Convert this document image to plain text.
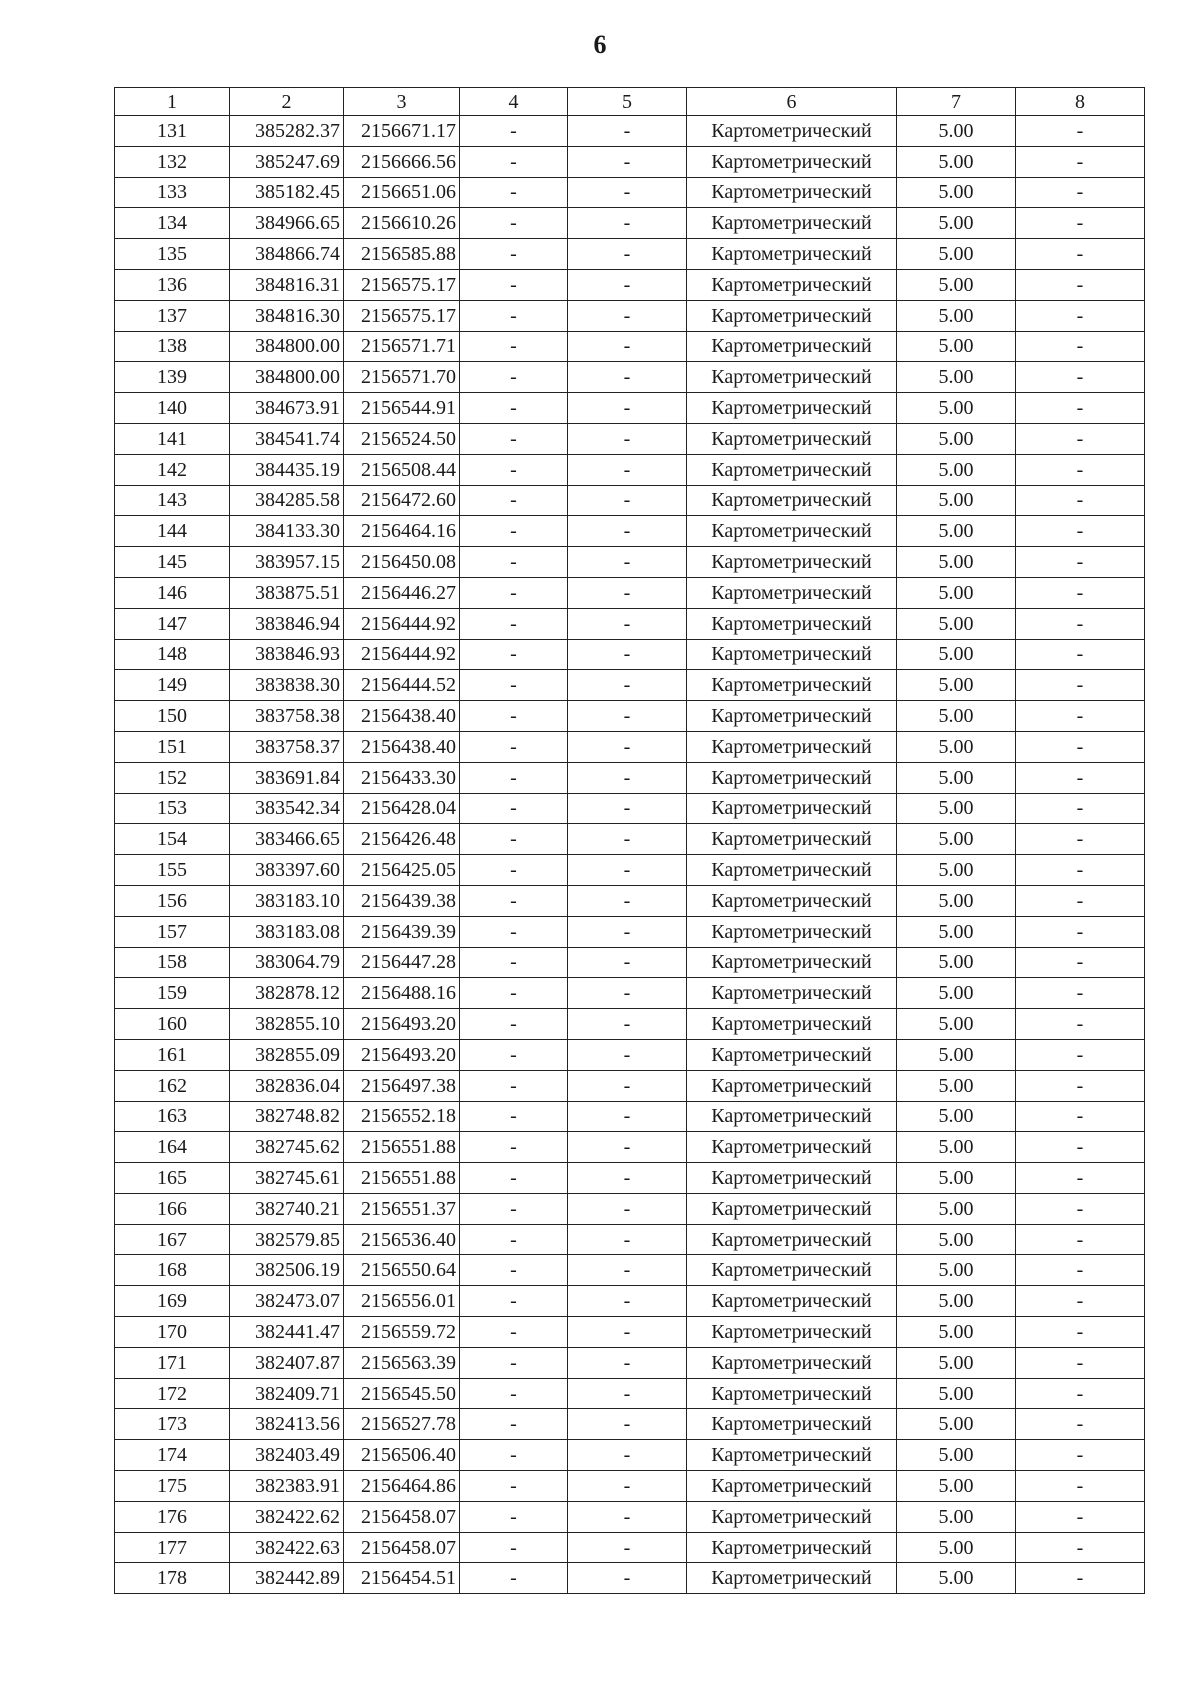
6
1	2	3	4	5	6	7	8
131	385282.37	2156671.17	-	-	Картометрический	5.00	-
132	385247.69	2156666.56	-	-	Картометрический	5.00	-
133	385182.45	2156651.06	-	-	Картометрический	5.00	-
134	384966.65	2156610.26	-	-	Картометрический	5.00	-
135	384866.74	2156585.88	-	-	Картометрический	5.00	-
136	384816.31	2156575.17	-	-	Картометрический	5.00	-
137	384816.30	2156575.17	-	-	Картометрический	5.00	-
138	384800.00	2156571.71	-	-	Картометрический	5.00	-
139	384800.00	2156571.70	-	-	Картометрический	5.00	-
140	384673.91	2156544.91	-	-	Картометрический	5.00	-
141	384541.74	2156524.50	-	-	Картометрический	5.00	-
142	384435.19	2156508.44	-	-	Картометрический	5.00	-
143	384285.58	2156472.60	-	-	Картометрический	5.00	-
144	384133.30	2156464.16	-	-	Картометрический	5.00	-
145	383957.15	2156450.08	-	-	Картометрический	5.00	-
146	383875.51	2156446.27	-	-	Картометрический	5.00	-
147	383846.94	2156444.92	-	-	Картометрический	5.00	-
148	383846.93	2156444.92	-	-	Картометрический	5.00	-
149	383838.30	2156444.52	-	-	Картометрический	5.00	-
150	383758.38	2156438.40	-	-	Картометрический	5.00	-
151	383758.37	2156438.40	-	-	Картометрический	5.00	-
152	383691.84	2156433.30	-	-	Картометрический	5.00	-
153	383542.34	2156428.04	-	-	Картометрический	5.00	-
154	383466.65	2156426.48	-	-	Картометрический	5.00	-
155	383397.60	2156425.05	-	-	Картометрический	5.00	-
156	383183.10	2156439.38	-	-	Картометрический	5.00	-
157	383183.08	2156439.39	-	-	Картометрический	5.00	-
158	383064.79	2156447.28	-	-	Картометрический	5.00	-
159	382878.12	2156488.16	-	-	Картометрический	5.00	-
160	382855.10	2156493.20	-	-	Картометрический	5.00	-
161	382855.09	2156493.20	-	-	Картометрический	5.00	-
162	382836.04	2156497.38	-	-	Картометрический	5.00	-
163	382748.82	2156552.18	-	-	Картометрический	5.00	-
164	382745.62	2156551.88	-	-	Картометрический	5.00	-
165	382745.61	2156551.88	-	-	Картометрический	5.00	-
166	382740.21	2156551.37	-	-	Картометрический	5.00	-
167	382579.85	2156536.40	-	-	Картометрический	5.00	-
168	382506.19	2156550.64	-	-	Картометрический	5.00	-
169	382473.07	2156556.01	-	-	Картометрический	5.00	-
170	382441.47	2156559.72	-	-	Картометрический	5.00	-
171	382407.87	2156563.39	-	-	Картометрический	5.00	-
172	382409.71	2156545.50	-	-	Картометрический	5.00	-
173	382413.56	2156527.78	-	-	Картометрический	5.00	-
174	382403.49	2156506.40	-	-	Картометрический	5.00	-
175	382383.91	2156464.86	-	-	Картометрический	5.00	-
176	382422.62	2156458.07	-	-	Картометрический	5.00	-
177	382422.63	2156458.07	-	-	Картометрический	5.00	-
178	382442.89	2156454.51	-	-	Картометрический	5.00	-
